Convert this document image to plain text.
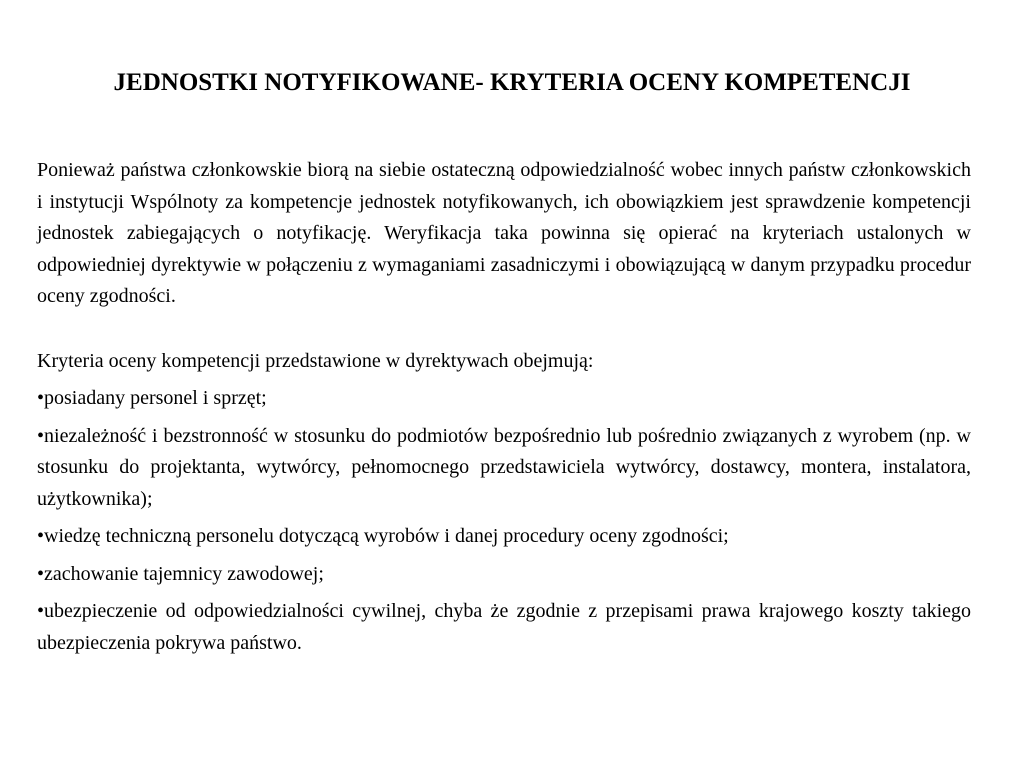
JEDNOSTKI NOTYFIKOWANE- KRYTERIA OCENY KOMPETENCJI

Ponieważ państwa członkowskie biorą na siebie ostateczną odpowiedzialność wobec innych państw członkowskich i instytucji Wspólnoty za kompetencje jednostek notyfikowanych, ich obowiązkiem jest sprawdzenie kompetencji jednostek zabiegających o notyfikację. Weryfikacja taka powinna się opierać na kryteriach ustalonych w odpowiedniej dyrektywie w połączeniu z wymaganiami zasadniczymi i obowiązującą w danym przypadku procedur oceny zgodności.

Kryteria oceny kompetencji przedstawione w dyrektywach obejmują:

•posiadany personel i sprzęt;

•niezależność i bezstronność w stosunku do podmiotów bezpośrednio lub pośrednio związanych z wyrobem (np. w stosunku do projektanta, wytwórcy, pełnomocnego przedstawiciela wytwórcy, dostawcy, montera, instalatora, użytkownika);

•wiedzę techniczną personelu dotyczącą wyrobów i danej procedury oceny zgodności;

•zachowanie tajemnicy zawodowej;

•ubezpieczenie od odpowiedzialności cywilnej, chyba że zgodnie z przepisami prawa krajowego koszty takiego ubezpieczenia pokrywa państwo.
